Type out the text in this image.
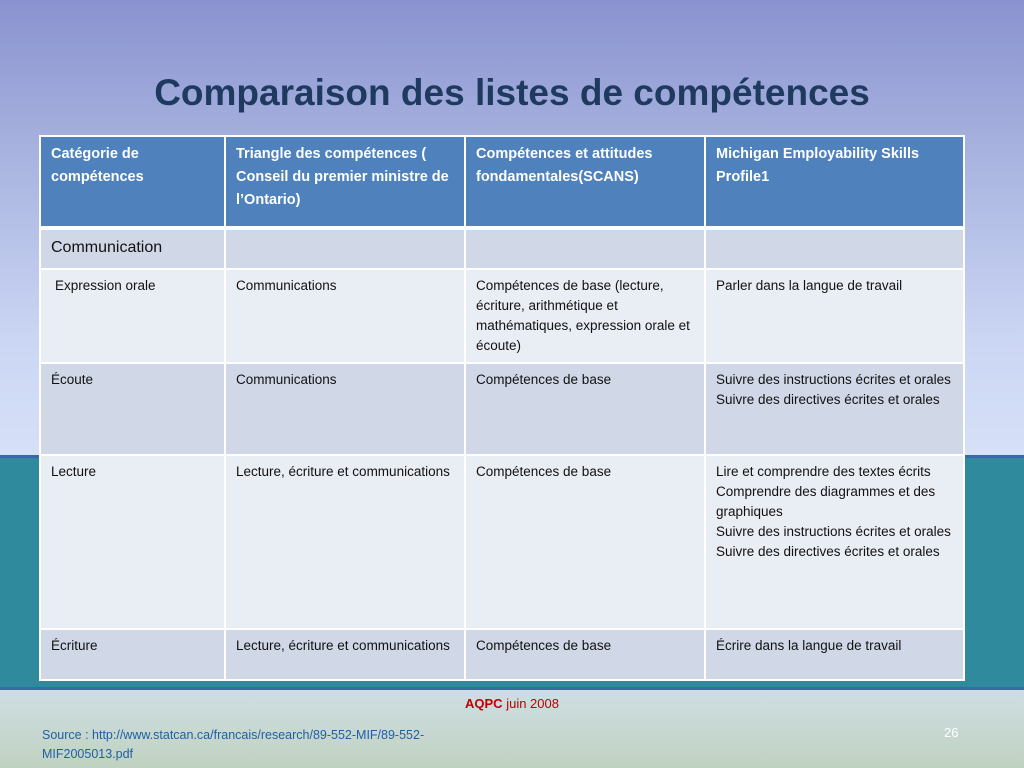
Comparaison des listes de compétences
Catégorie de compétences	Triangle des compétences ( Conseil du premier ministre de l’Ontario)	Compétences et attitudes fondamentales(SCANS)	Michigan Employability Skills Profile1

Communication			

Expression orale	Communications	Compétences de base (lecture, écriture, arithmétique et mathématiques, expression orale et écoute)	Parler dans la langue de travail

Écoute	Communications	Compétences de base	Suivre des instructions écrites et orales
Suivre des directives écrites et orales

Lecture	Lecture, écriture et communications	Compétences de base	Lire et comprendre des textes écrits
Comprendre des diagrammes et des graphiques
Suivre des instructions écrites et orales
Suivre des directives écrites et orales

Écriture	Lecture, écriture et communications	Compétences de base	Écrire dans la langue de travail
AQPC juin 2008
Source : http://www.statcan.ca/francais/research/89-552-MIF/89-552-MIF2005013.pdf
26
